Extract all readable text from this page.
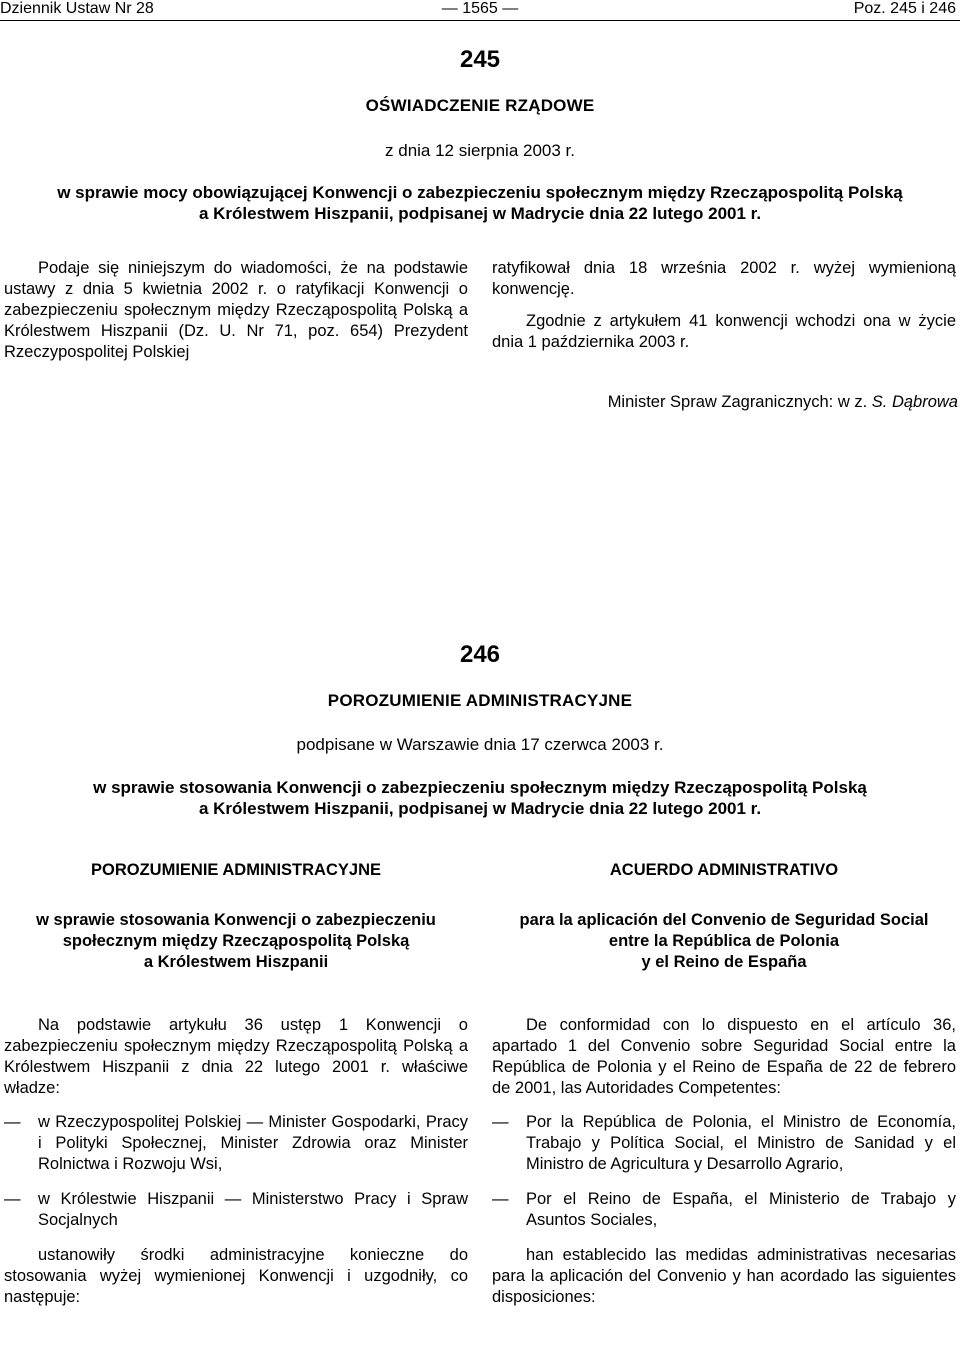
Dziennik Ustaw Nr 28	— 1565 —	Poz. 245 i 246
245
OŚWIADCZENIE RZĄDOWE
z dnia 12 sierpnia 2003 r.
w sprawie mocy obowiązującej Konwencji o zabezpieczeniu społecznym między Rzecząpospolitą Polską
a Królestwem Hiszpanii, podpisanej w Madrycie dnia 22 lutego 2001 r.

Podaje się niniejszym do wiadomości, że na podstawie ustawy z dnia 5 kwietnia 2002 r. o ratyfikacji Konwencji o zabezpieczeniu społecznym między Rzecząpospolitą Polską a Królestwem Hiszpanii (Dz. U. Nr 71, poz. 654) Prezydent Rzeczypospolitej Polskiej

ratyfikował dnia 18 września 2002 r. wyżej wymienioną konwencję.

Zgodnie z artykułem 41 konwencji wchodzi ona w życie dnia 1 października 2003 r.

Minister Spraw Zagranicznych: w z. S. Dąbrowa
246
POROZUMIENIE ADMINISTRACYJNE
podpisane w Warszawie dnia 17 czerwca 2003 r.
w sprawie stosowania Konwencji o zabezpieczeniu społecznym między Rzecząpospolitą Polską
a Królestwem Hiszpanii, podpisanej w Madrycie dnia 22 lutego 2001 r.
POROZUMIENIE ADMINISTRACYJNE
w sprawie stosowania Konwencji o zabezpieczeniu
społecznym między Rzecząpospolitą Polską
a Królestwem Hiszpanii
ACUERDO ADMINISTRATIVO
para la aplicación del Convenio de Seguridad Social
entre la República de Polonia
y el Reino de España

Na podstawie artykułu 36 ustęp 1 Konwencji o zabezpieczeniu społecznym między Rzecząpospolitą Polską a Królestwem Hiszpanii z dnia 22 lutego 2001 r. właściwe władze:

— w Rzeczypospolitej Polskiej — Minister Gospodarki, Pracy i Polityki Społecznej, Minister Zdrowia oraz Minister Rolnictwa i Rozwoju Wsi,
— w Królestwie Hiszpanii — Ministerstwo Pracy i Spraw Socjalnych

ustanowiły środki administracyjne konieczne do stosowania wyżej wymienionej Konwencji i uzgodniły, co następuje:

De conformidad con lo dispuesto en el artículo 36, apartado 1 del Convenio sobre Seguridad Social entre la República de Polonia y el Reino de España de 22 de febrero de 2001, las Autoridades Competentes:

— Por la República de Polonia, el Ministro de Economía, Trabajo y Política Social, el Ministro de Sanidad y el Ministro de Agricultura y Desarrollo Agrario,
— Por el Reino de España, el Ministerio de Trabajo y Asuntos Sociales,

han establecido las medidas administrativas necesarias para la aplicación del Convenio y han acordado las siguientes disposiciones:
